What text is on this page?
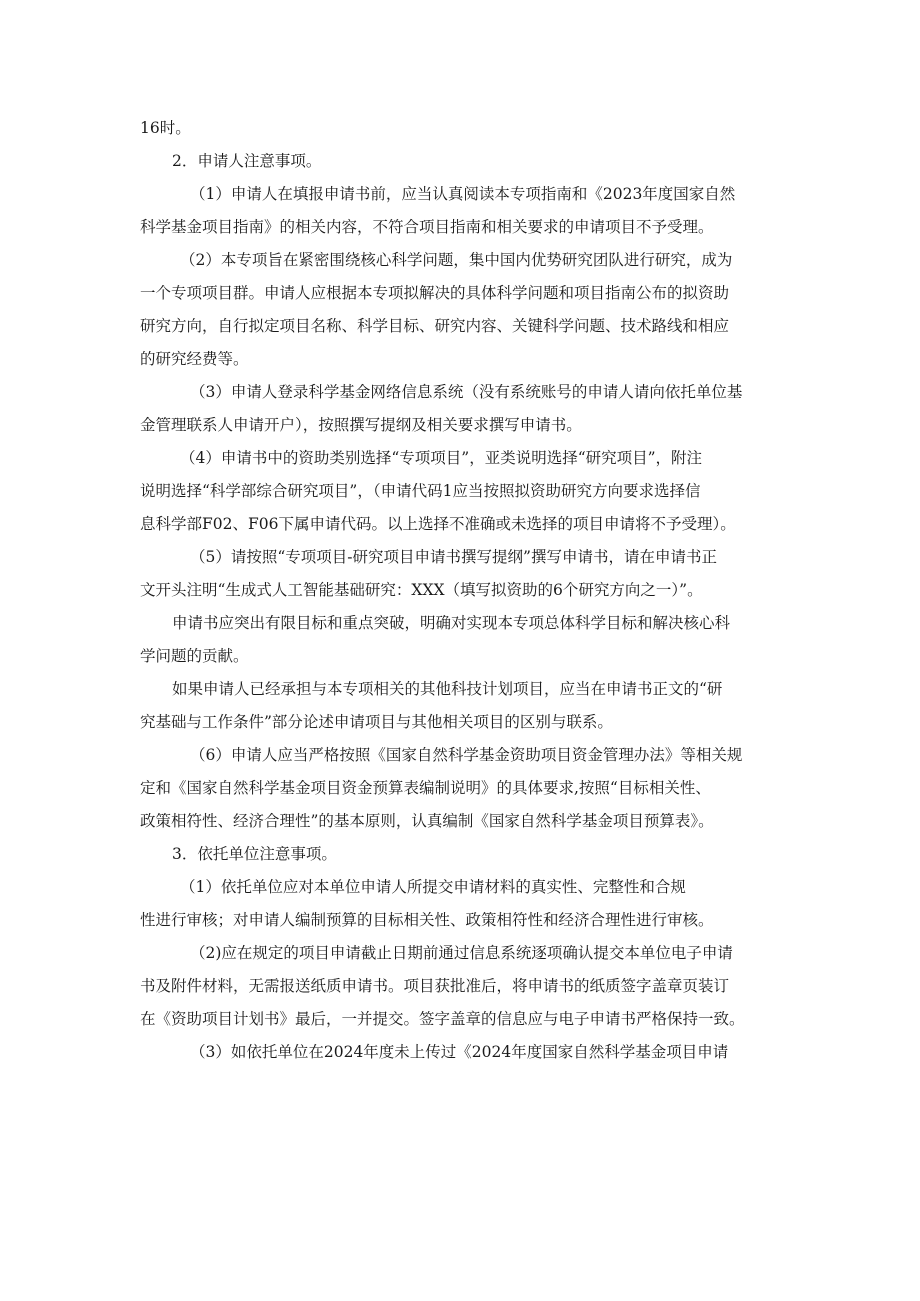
16时。
2．申请人注意事项。
（1）申请人在填报申请书前，应当认真阅读本专项指南和《2023年度国家自然
科学基金项目指南》的相关内容，不符合项目指南和相关要求的申请项目不予受理。
（2）本专项旨在紧密围绕核心科学问题，集中国内优势研究团队进行研究，成为
一个专项项目群。申请人应根据本专项拟解决的具体科学问题和项目指南公布的拟资助
研究方向，自行拟定项目名称、科学目标、研究内容、关键科学问题、技术路线和相应
的研究经费等。
（3）申请人登录科学基金网络信息系统（没有系统账号的申请人请向依托单位基
金管理联系人申请开户），按照撰写提纲及相关要求撰写申请书。
（4）申请书中的资助类别选择“专项项目”，亚类说明选择“研究项目”，附注
说明选择“科学部综合研究项目”，（申请代码1应当按照拟资助研究方向要求选择信
息科学部F02、F06下属申请代码。以上选择不准确或未选择的项目申请将不予受理）。
（5）请按照“专项项目-研究项目申请书撰写提纲”撰写申请书，请在申请书正
文开头注明“生成式人工智能基础研究：XXX（填写拟资助的6个研究方向之一）”。
申请书应突出有限目标和重点突破，明确对实现本专项总体科学目标和解决核心科
学问题的贡献。
如果申请人已经承担与本专项相关的其他科技计划项目，应当在申请书正文的“研
究基础与工作条件”部分论述申请项目与其他相关项目的区别与联系。
（6）申请人应当严格按照《国家自然科学基金资助项目资金管理办法》等相关规
定和《国家自然科学基金项目资金预算表编制说明》的具体要求,按照“目标相关性、
政策相符性、经济合理性”的基本原则，认真编制《国家自然科学基金项目预算表》。
3．依托单位注意事项。
（1）依托单位应对本单位申请人所提交申请材料的真实性、完整性和合规
性进行审核；对申请人编制预算的目标相关性、政策相符性和经济合理性进行审核。
（2)应在规定的项目申请截止日期前通过信息系统逐项确认提交本单位电子申请
书及附件材料，无需报送纸质申请书。项目获批准后，将申请书的纸质签字盖章页装订
在《资助项目计划书》最后，一并提交。签字盖章的信息应与电子申请书严格保持一致。
（3）如依托单位在2024年度未上传过《2024年度国家自然科学基金项目申请
